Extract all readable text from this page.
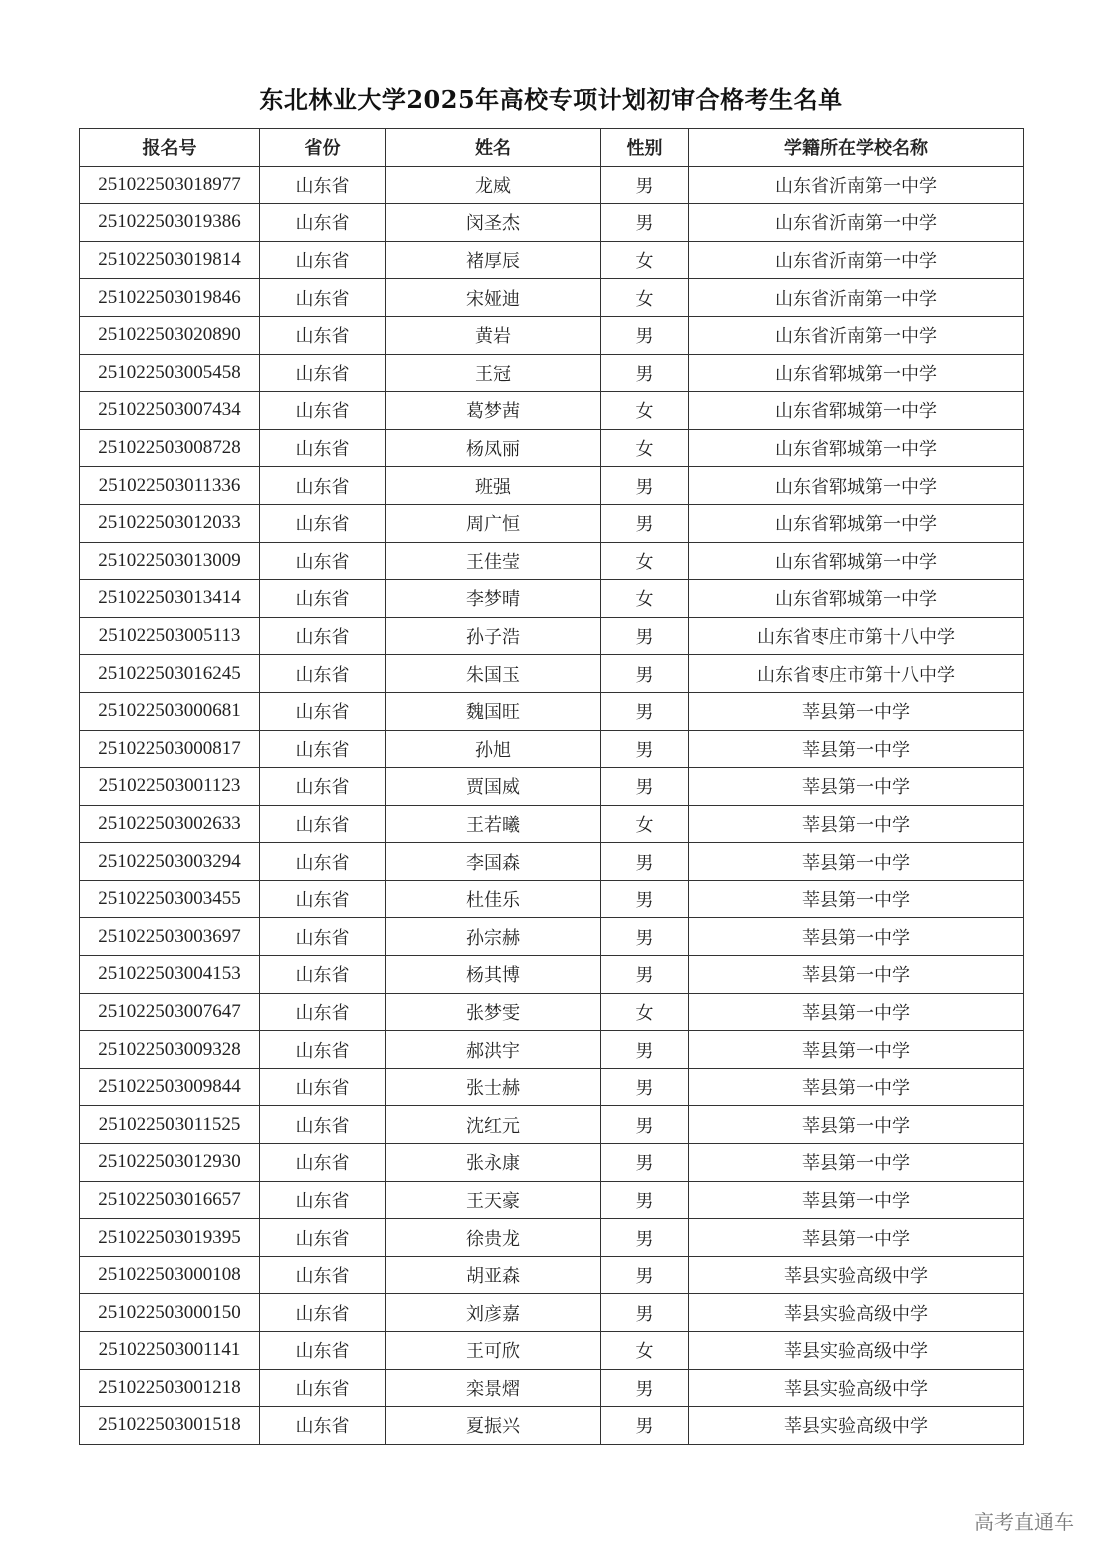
东北林业大学2025年高校专项计划初审合格考生名单
报名号	省份	姓名	性别	学籍所在学校名称
251022503018977	山东省	龙威	男	山东省沂南第一中学
251022503019386	山东省	闵圣杰	男	山东省沂南第一中学
251022503019814	山东省	褚厚辰	女	山东省沂南第一中学
251022503019846	山东省	宋娅迪	女	山东省沂南第一中学
251022503020890	山东省	黄岩	男	山东省沂南第一中学
251022503005458	山东省	王冠	男	山东省郓城第一中学
251022503007434	山东省	葛梦茜	女	山东省郓城第一中学
251022503008728	山东省	杨凤丽	女	山东省郓城第一中学
251022503011336	山东省	班强	男	山东省郓城第一中学
251022503012033	山东省	周广恒	男	山东省郓城第一中学
251022503013009	山东省	王佳莹	女	山东省郓城第一中学
251022503013414	山东省	李梦晴	女	山东省郓城第一中学
251022503005113	山东省	孙子浩	男	山东省枣庄市第十八中学
251022503016245	山东省	朱国玉	男	山东省枣庄市第十八中学
251022503000681	山东省	魏国旺	男	莘县第一中学
251022503000817	山东省	孙旭	男	莘县第一中学
251022503001123	山东省	贾国威	男	莘县第一中学
251022503002633	山东省	王若曦	女	莘县第一中学
251022503003294	山东省	李国森	男	莘县第一中学
251022503003455	山东省	杜佳乐	男	莘县第一中学
251022503003697	山东省	孙宗赫	男	莘县第一中学
251022503004153	山东省	杨其博	男	莘县第一中学
251022503007647	山东省	张梦雯	女	莘县第一中学
251022503009328	山东省	郝洪宇	男	莘县第一中学
251022503009844	山东省	张士赫	男	莘县第一中学
251022503011525	山东省	沈红元	男	莘县第一中学
251022503012930	山东省	张永康	男	莘县第一中学
251022503016657	山东省	王天豪	男	莘县第一中学
251022503019395	山东省	徐贵龙	男	莘县第一中学
251022503000108	山东省	胡亚森	男	莘县实验高级中学
251022503000150	山东省	刘彦嘉	男	莘县实验高级中学
251022503001141	山东省	王可欣	女	莘县实验高级中学
251022503001218	山东省	栾景熠	男	莘县实验高级中学
251022503001518	山东省	夏振兴	男	莘县实验高级中学
高考直通车
